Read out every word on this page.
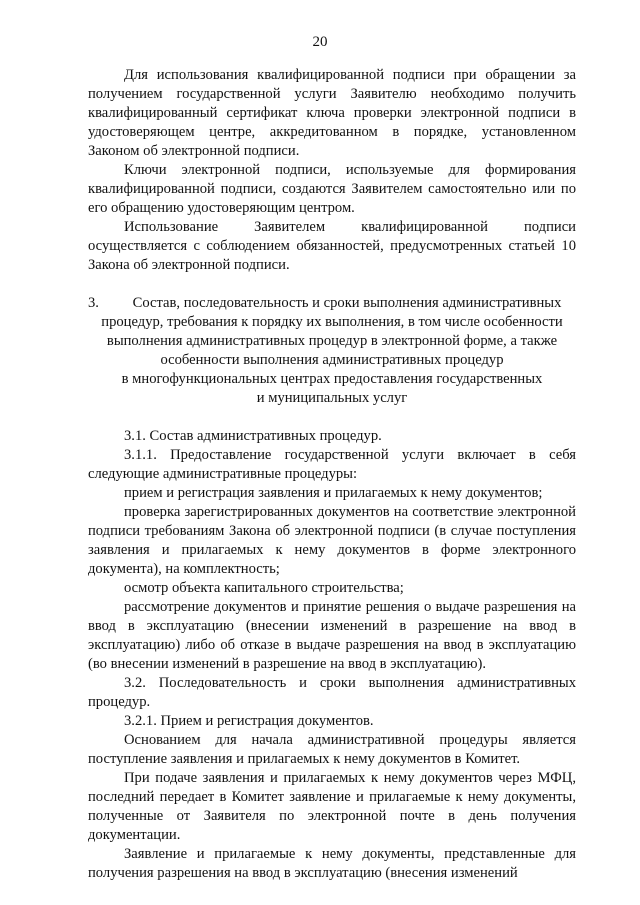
20

Для использования квалифицированной подписи при обращении за получением государственной услуги Заявителю необходимо получить квалифицированный сертификат ключа проверки электронной подписи в удостоверяющем центре, аккредитованном в порядке, установленном Законом об электронной подписи.

Ключи электронной подписи, используемые для формирования квалифицированной подписи, создаются Заявителем самостоятельно или по его обращению удостоверяющим центром.

Использование Заявителем квалифицированной подписи осуществляется с соблюдением обязанностей, предусмотренных статьей 10 Закона об электронной подписи.

3.	Состав, последовательность и сроки выполнения административных
процедур, требования к порядку их выполнения, в том числе особенности
выполнения административных процедур в электронной форме, а также
особенности выполнения административных процедур
в многофункциональных центрах предоставления государственных
и муниципальных услуг

3.1. Состав административных процедур.

3.1.1. Предоставление государственной услуги включает в себя следующие административные процедуры:

прием и регистрация заявления и прилагаемых к нему документов;

проверка зарегистрированных документов на соответствие электронной подписи требованиям Закона об электронной подписи (в случае поступления заявления и прилагаемых к нему документов в форме электронного документа), на комплектность;

осмотр объекта капитального строительства;

рассмотрение документов и принятие решения о выдаче разрешения на ввод в эксплуатацию (внесении изменений в разрешение на ввод в эксплуатацию) либо об отказе в выдаче разрешения на ввод в эксплуатацию (во внесении изменений в разрешение на ввод в эксплуатацию).

3.2. Последовательность и сроки выполнения административных процедур.

3.2.1. Прием и регистрация документов.

Основанием для начала административной процедуры является поступление заявления и прилагаемых к нему документов в Комитет.

При подаче заявления и прилагаемых к нему документов через МФЦ, последний передает в Комитет заявление и прилагаемые к нему документы, полученные от Заявителя по электронной почте в день получения документации.

Заявление и прилагаемые к нему документы, представленные для получения разрешения на ввод в эксплуатацию (внесения изменений
